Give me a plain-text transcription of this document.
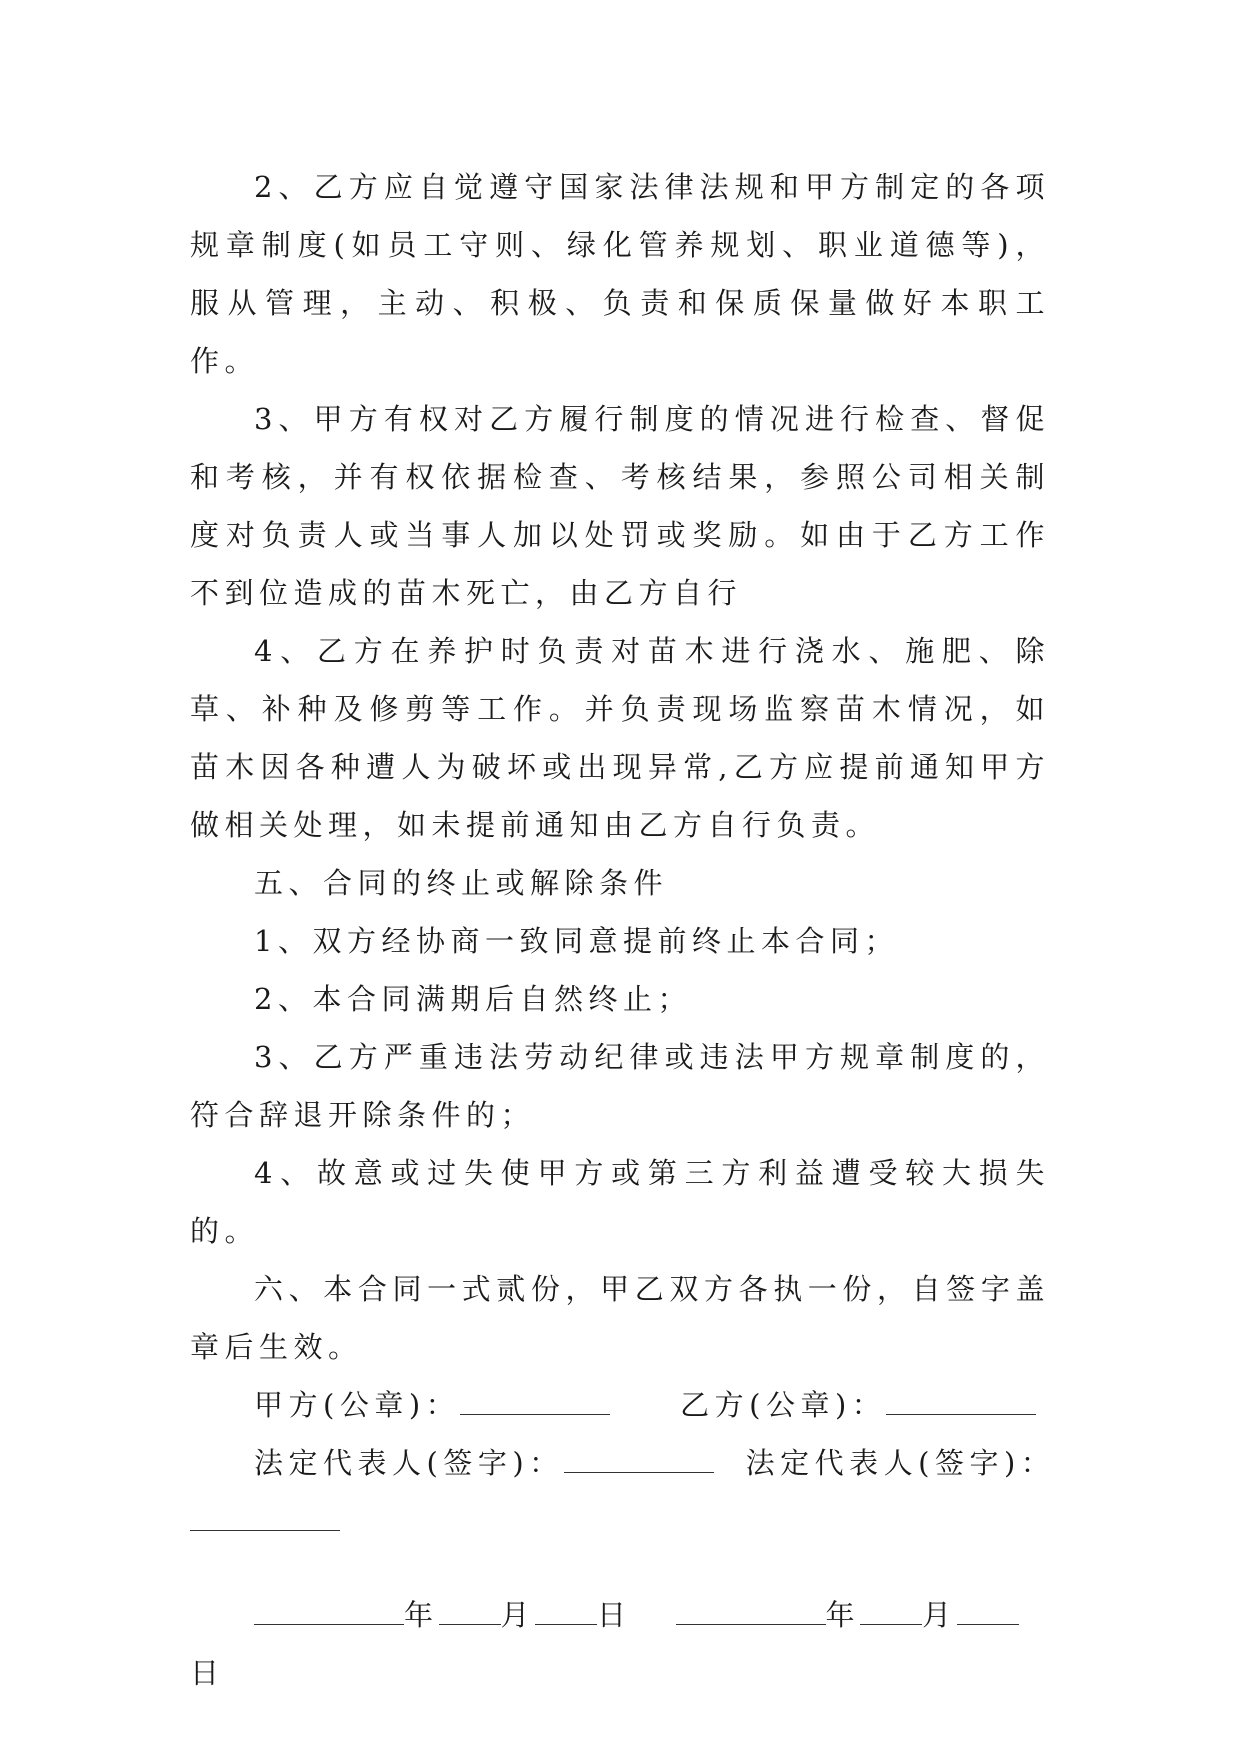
2、乙方应自觉遵守国家法律法规和甲方制定的各项规章制度(如员工守则、绿化管养规划、职业道德等)，服从管理，主动、积极、负责和保质保量做好本职工作。

3、甲方有权对乙方履行制度的情况进行检查、督促和考核，并有权依据检查、考核结果，参照公司相关制度对负责人或当事人加以处罚或奖励。如由于乙方工作不到位造成的苗木死亡，由乙方自行

4、乙方在养护时负责对苗木进行浇水、施肥、除草、补种及修剪等工作。并负责现场监察苗木情况，如苗木因各种遭人为破坏或出现异常,乙方应提前通知甲方做相关处理，如未提前通知由乙方自行负责。

五、合同的终止或解除条件

1、双方经协商一致同意提前终止本合同；

2、本合同满期后自然终止；

3、乙方严重违法劳动纪律或违法甲方规章制度的，符合辞退开除条件的；

4、故意或过失使甲方或第三方利益遭受较大损失的。

六、本合同一式贰份，甲乙双方各执一份，自签字盖章后生效。

甲方(公章)：	乙方(公章)：

法定代表人(签字)：	法定代表人(签字)：

年 月 日	年 月

日
